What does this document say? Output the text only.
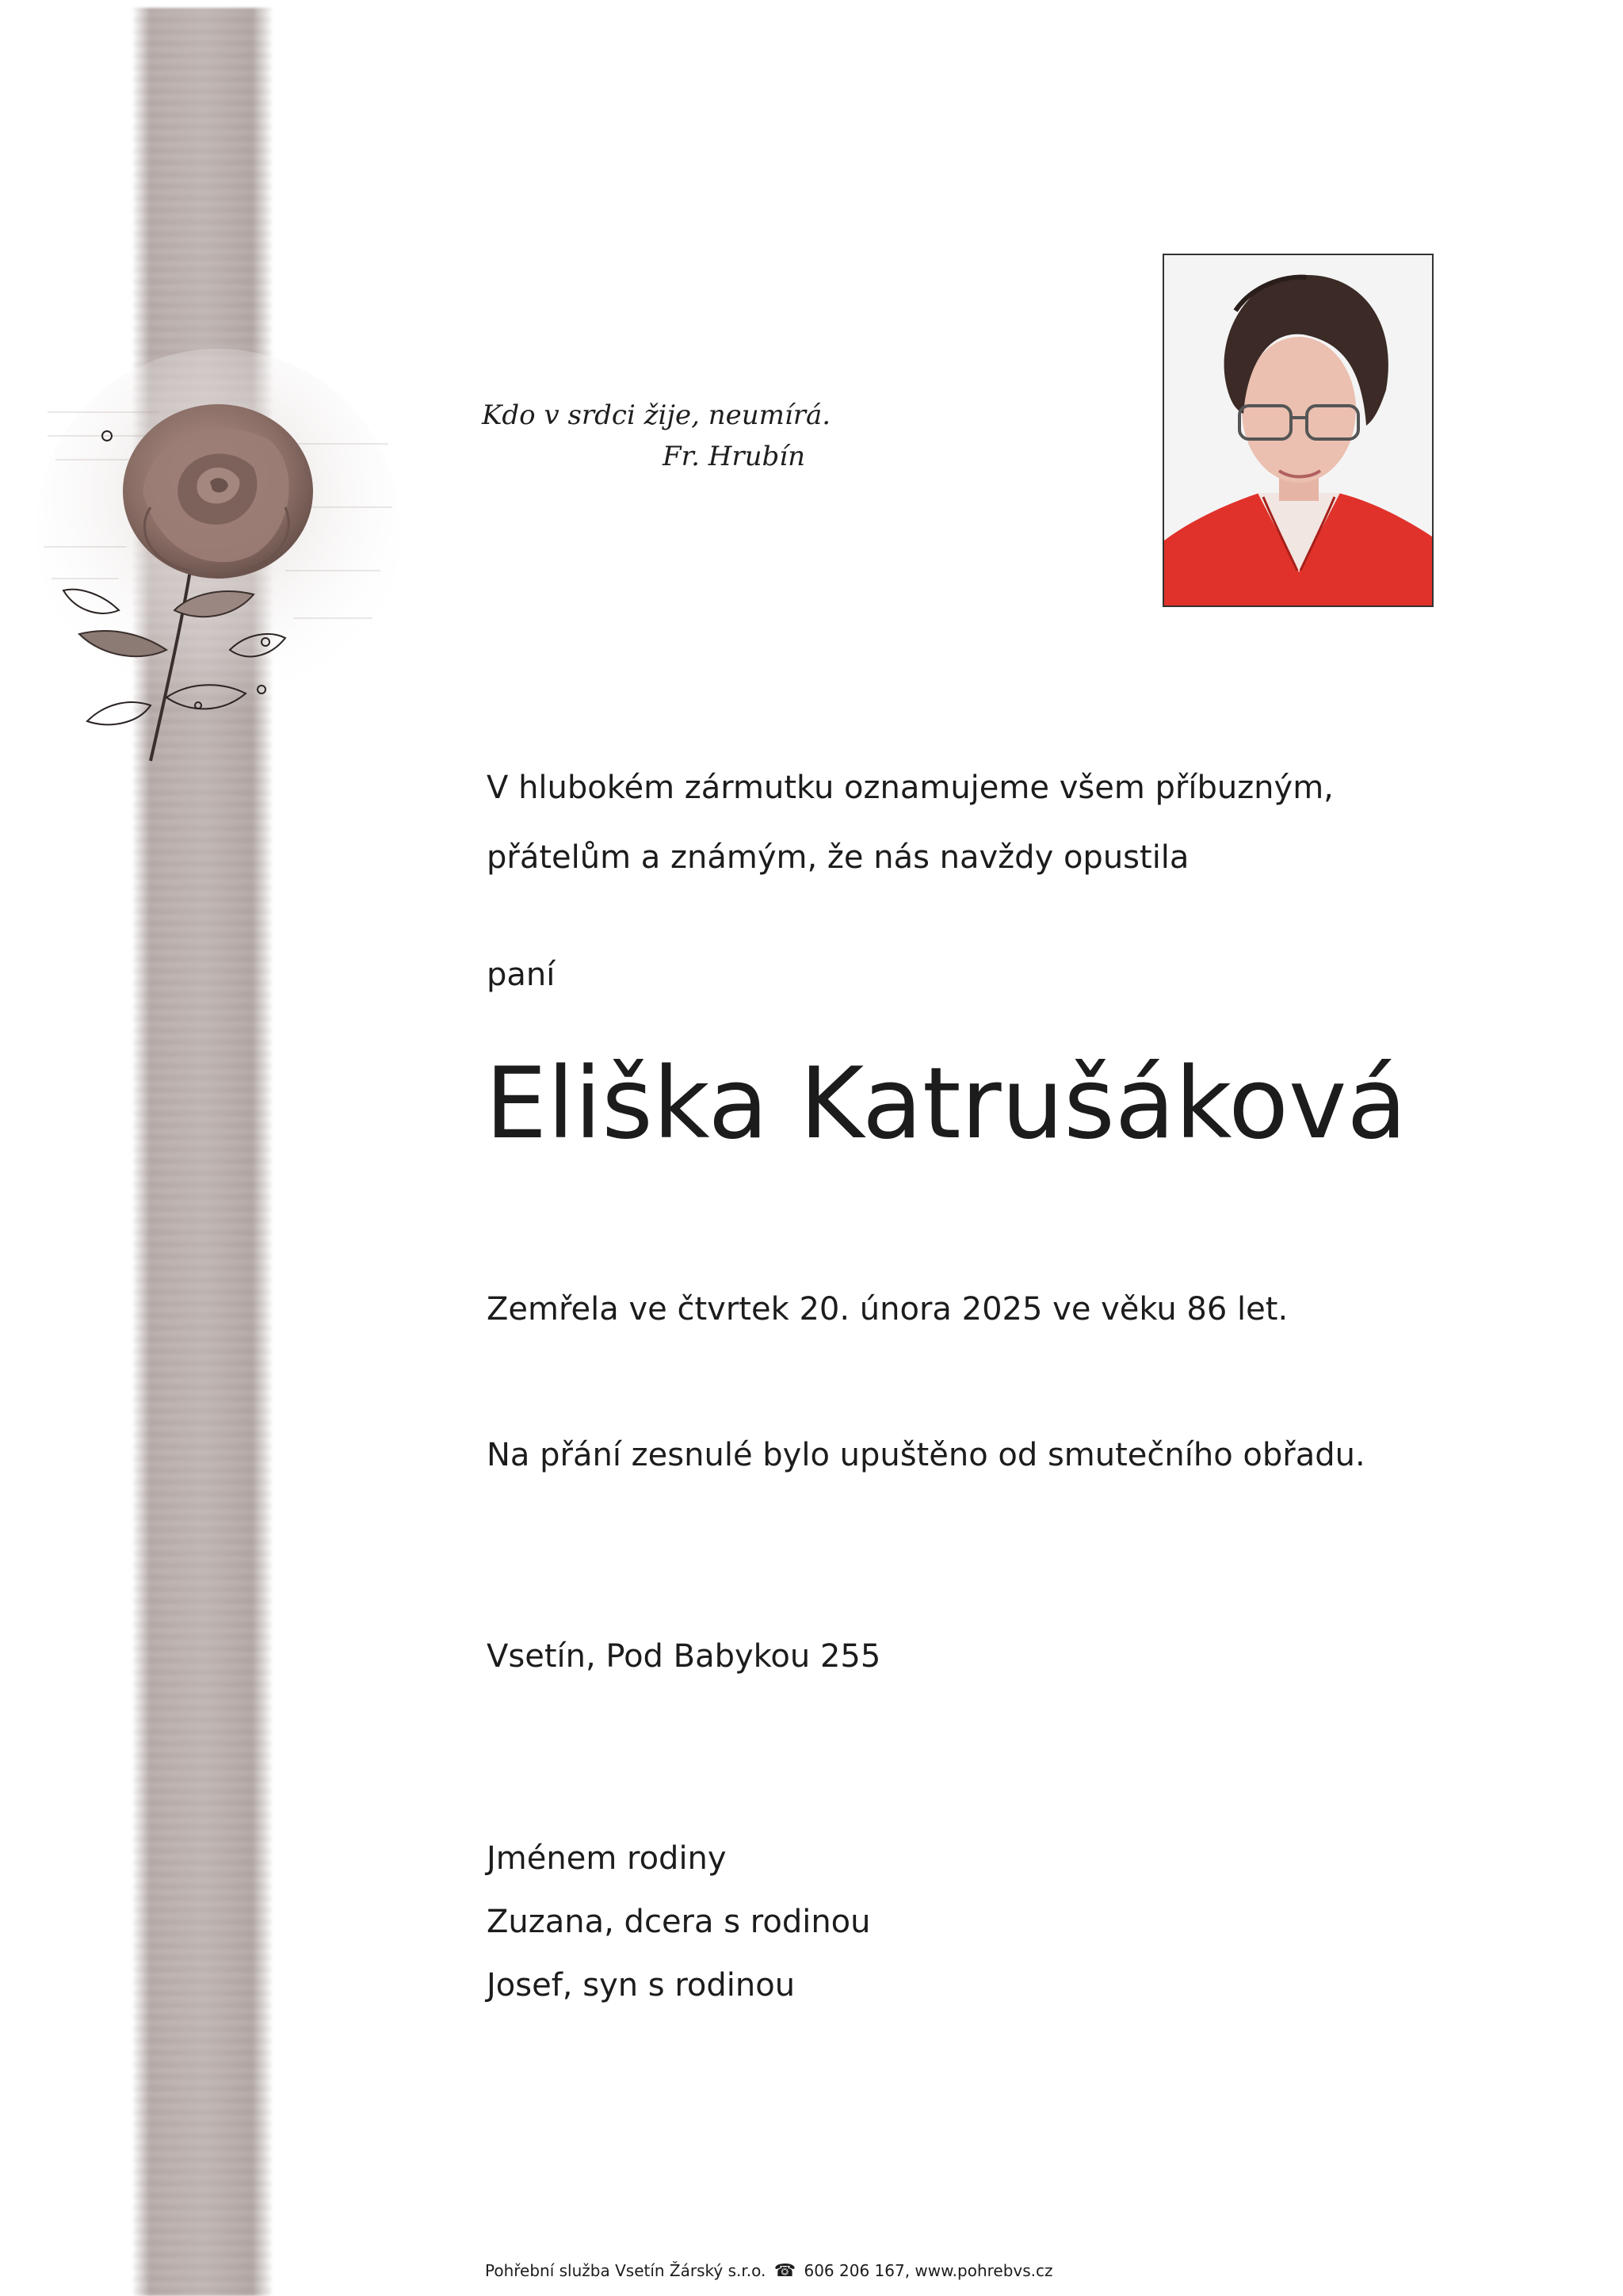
Kdo v srdci žije, neumírá.
Fr. Hrubín
V hlubokém zármutku oznamujeme všem příbuzným,
přátelům a známým, že nás navždy opustila
paní
Eliška Katrušáková
Zemřela ve čtvrtek 20. února 2025 ve věku 86 let.
Na přání zesnulé bylo upuštěno od smutečního obřadu.
Vsetín, Pod Babykou 255
Jménem rodiny
Zuzana, dcera s rodinou
Josef, syn s rodinou
Pohřební služba Vsetín Žárský s.r.o. ☎ 606 206 167, www.pohrebvs.cz
